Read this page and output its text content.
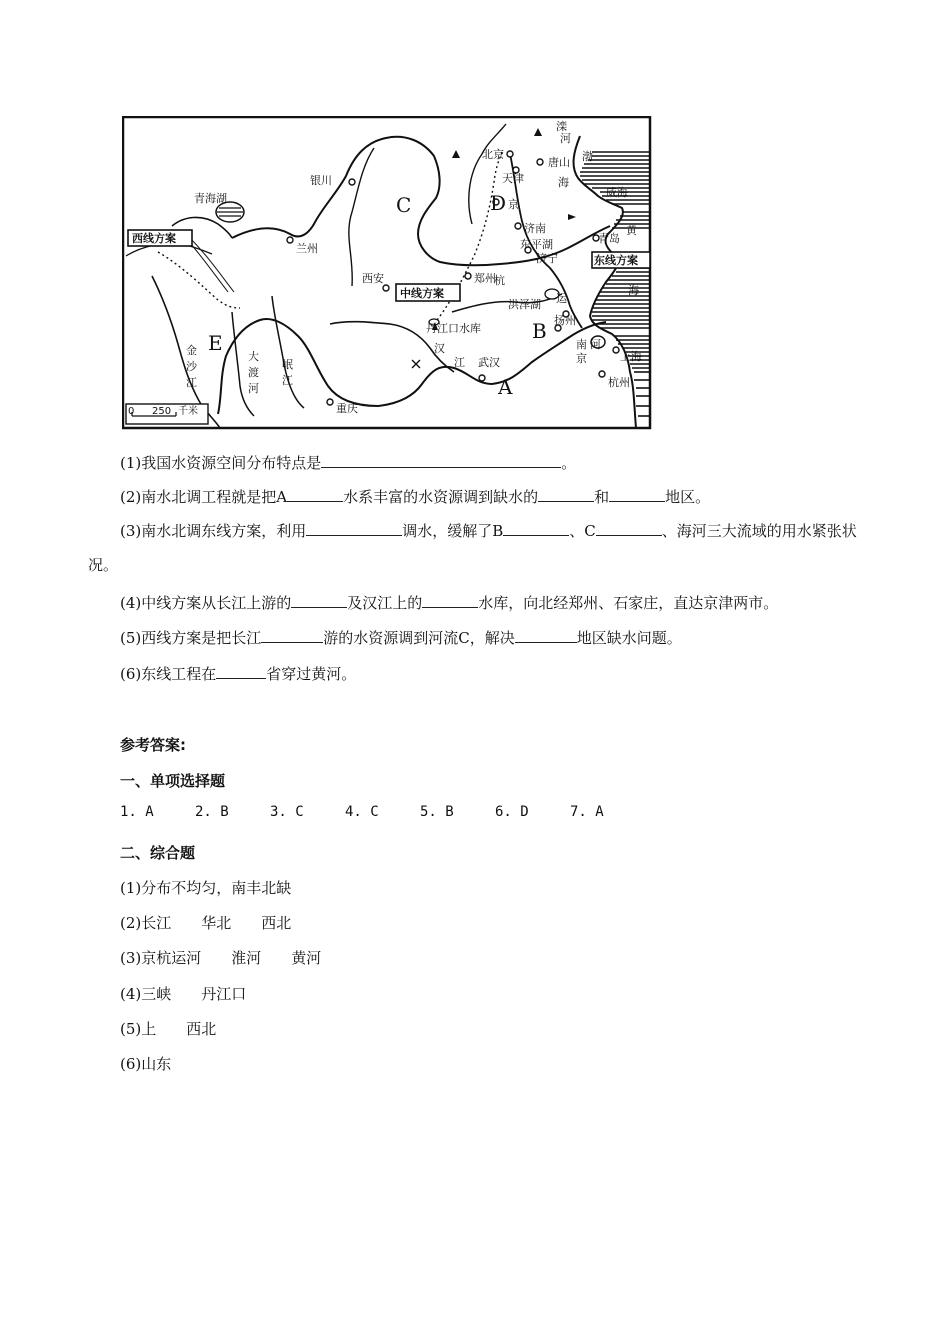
滦
河
北京
唐山
天津
渤
海
威海
银川
青海湖
兰州
西安	郑州
济南
东平湖
济宁
青岛
黄
海
杭
运
洪泽湖
扬州
南
京
河
上海
杭州
丹江口水库
汉
江 武汉
重庆
金
沙
江
大
渡
河
岷
江
京
西线方案
中线方案
东线方案
C	D
B
A
E
0 250 千米
(1)我国水资源空间分布特点是	。
(2)南水北调工程就是把A	水系丰富的水资源调到缺水的	和	地区。
(3)南水北调东线方案，利用	调水，缓解了B	、C	、海河三大流域的用水紧张状况。
(4)中线方案从长江上游的	及汉江上的	水库，向北经郑州、石家庄，直达京津两市。
(5)西线方案是把长江	游的水资源调到河流C，解决	地区缺水问题。
(6)东线工程在	省穿过黄河。
参考答案:
一、单项选择题
1. A	2. B	3. C	4. C	5. B	6. D	7. A
二、综合题
(1)分布不均匀，南丰北缺
(2)长江　　华北　　西北
(3)京杭运河　　淮河　　黄河
(4)三峡　　丹江口
(5)上　　西北
(6)山东
